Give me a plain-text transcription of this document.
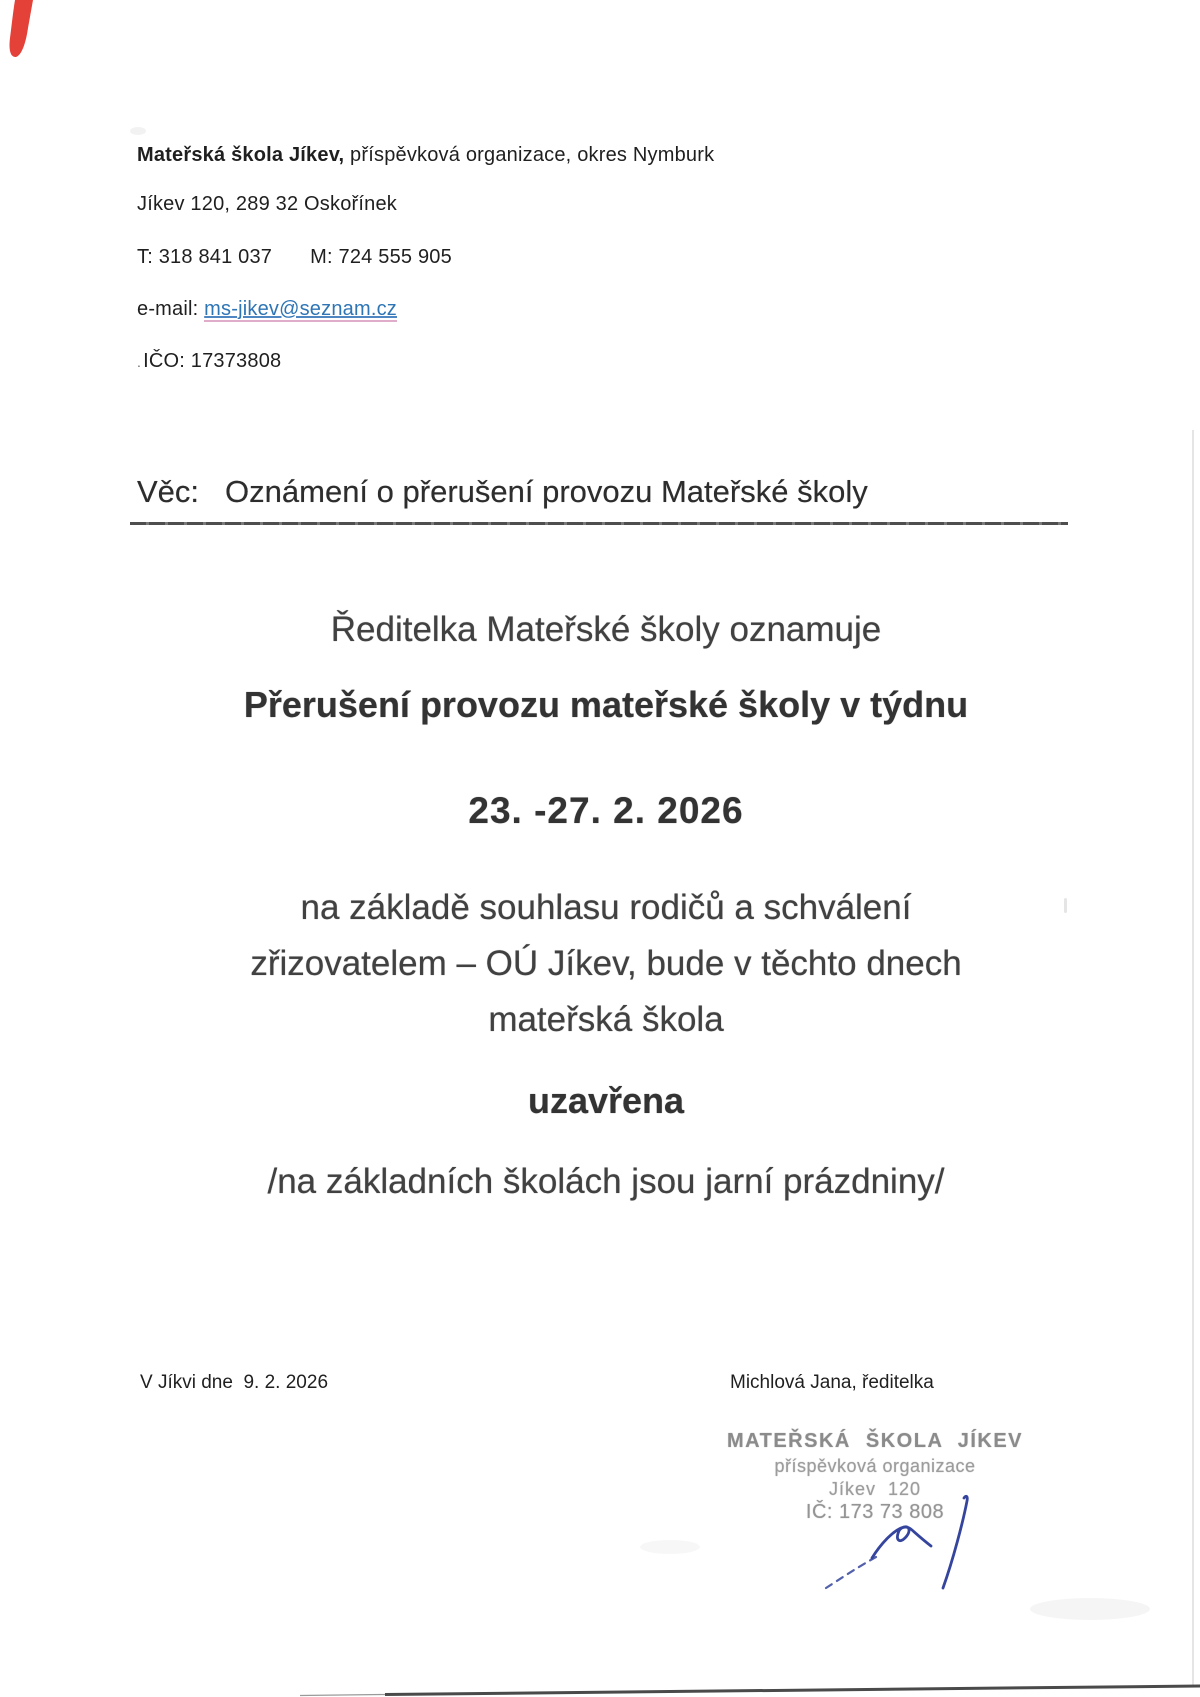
Mateřská škola Jíkev, příspěvková organizace, okres Nymburk
Jíkev 120, 289 32 Oskořínek
T: 318 841 037 M: 724 555 905
e-mail: ms-jikev@seznam.cz
. IČO: 17373808
Věc: Oznámení o přerušení provozu Mateřské školy
Ředitelka Mateřské školy oznamuje
Přerušení provozu mateřské školy v týdnu
23. -27. 2. 2026
na základě souhlasu rodičů a schválení
zřizovatelem – OÚ Jíkev, bude v těchto dnech
mateřská škola
uzavřena
/na základních školách jsou jarní prázdniny/
V Jíkvi dne  9. 2. 2026	Michlová Jana, ředitelka
MATEŘSKÁ ŠKOLA JÍKEV
příspěvková organizace
Jíkev  120
IČ: 173 73 808
